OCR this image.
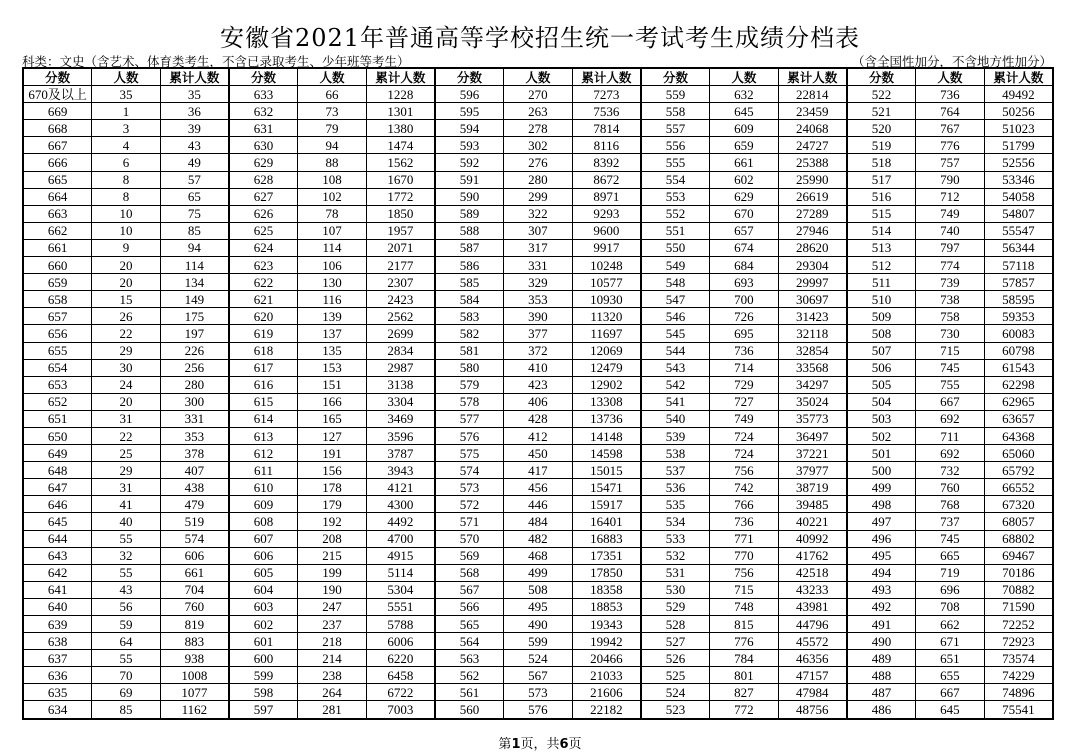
安徽省2021年普通高等学校招生统一考试考生成绩分档表
科类：文史（含艺术、体育类考生，不含已录取考生、少年班等考生）	（含全国性加分，不含地方性加分）
分数	人数	累计人数	分数	人数	累计人数	分数	人数	累计人数	分数	人数	累计人数	分数	人数	累计人数
670及以上	35	35	633	66	1228	596	270	7273	559	632	22814	522	736	49492
669	1	36	632	73	1301	595	263	7536	558	645	23459	521	764	50256
668	3	39	631	79	1380	594	278	7814	557	609	24068	520	767	51023
667	4	43	630	94	1474	593	302	8116	556	659	24727	519	776	51799
666	6	49	629	88	1562	592	276	8392	555	661	25388	518	757	52556
665	8	57	628	108	1670	591	280	8672	554	602	25990	517	790	53346
664	8	65	627	102	1772	590	299	8971	553	629	26619	516	712	54058
663	10	75	626	78	1850	589	322	9293	552	670	27289	515	749	54807
662	10	85	625	107	1957	588	307	9600	551	657	27946	514	740	55547
661	9	94	624	114	2071	587	317	9917	550	674	28620	513	797	56344
660	20	114	623	106	2177	586	331	10248	549	684	29304	512	774	57118
659	20	134	622	130	2307	585	329	10577	548	693	29997	511	739	57857
658	15	149	621	116	2423	584	353	10930	547	700	30697	510	738	58595
657	26	175	620	139	2562	583	390	11320	546	726	31423	509	758	59353
656	22	197	619	137	2699	582	377	11697	545	695	32118	508	730	60083
655	29	226	618	135	2834	581	372	12069	544	736	32854	507	715	60798
654	30	256	617	153	2987	580	410	12479	543	714	33568	506	745	61543
653	24	280	616	151	3138	579	423	12902	542	729	34297	505	755	62298
652	20	300	615	166	3304	578	406	13308	541	727	35024	504	667	62965
651	31	331	614	165	3469	577	428	13736	540	749	35773	503	692	63657
650	22	353	613	127	3596	576	412	14148	539	724	36497	502	711	64368
649	25	378	612	191	3787	575	450	14598	538	724	37221	501	692	65060
648	29	407	611	156	3943	574	417	15015	537	756	37977	500	732	65792
647	31	438	610	178	4121	573	456	15471	536	742	38719	499	760	66552
646	41	479	609	179	4300	572	446	15917	535	766	39485	498	768	67320
645	40	519	608	192	4492	571	484	16401	534	736	40221	497	737	68057
644	55	574	607	208	4700	570	482	16883	533	771	40992	496	745	68802
643	32	606	606	215	4915	569	468	17351	532	770	41762	495	665	69467
642	55	661	605	199	5114	568	499	17850	531	756	42518	494	719	70186
641	43	704	604	190	5304	567	508	18358	530	715	43233	493	696	70882
640	56	760	603	247	5551	566	495	18853	529	748	43981	492	708	71590
639	59	819	602	237	5788	565	490	19343	528	815	44796	491	662	72252
638	64	883	601	218	6006	564	599	19942	527	776	45572	490	671	72923
637	55	938	600	214	6220	563	524	20466	526	784	46356	489	651	73574
636	70	1008	599	238	6458	562	567	21033	525	801	47157	488	655	74229
635	69	1077	598	264	6722	561	573	21606	524	827	47984	487	667	74896
634	85	1162	597	281	7003	560	576	22182	523	772	48756	486	645	75541
第1页，共6页
